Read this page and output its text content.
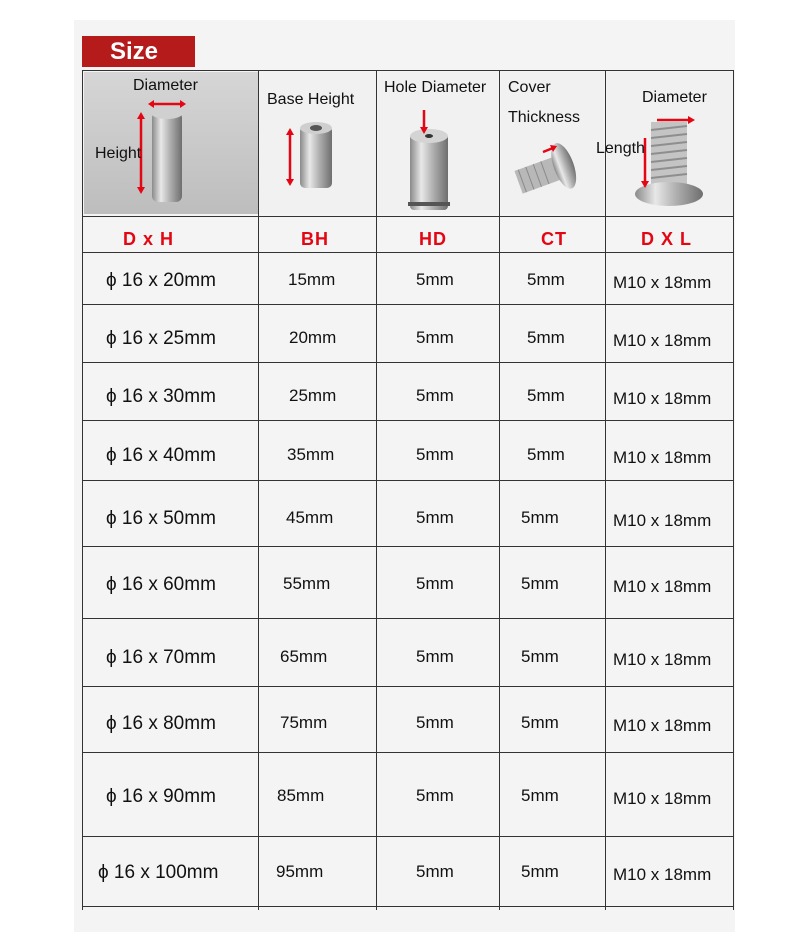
Size
Diameter
Height
Base Height
Hole Diameter Cover
Thickness
Diameter
Length
D x H	BH	HD	CT	D X L
ϕ 16 x 20mm	15mm	5mm	5mm	M10 x 18mm
ϕ 16 x 25mm	20mm	5mm	5mm	M10 x 18mm
ϕ 16 x 30mm	25mm	5mm	5mm	M10 x 18mm
ϕ 16 x 40mm	35mm	5mm	5mm	M10 x 18mm
ϕ 16 x 50mm	45mm	5mm	5mm	M10 x 18mm
ϕ 16 x 60mm	55mm	5mm	5mm	M10 x 18mm
ϕ 16 x 70mm	65mm	5mm	5mm	M10 x 18mm
ϕ 16 x 80mm	75mm	5mm	5mm	M10 x 18mm
ϕ 16 x 90mm	85mm	5mm	5mm	M10 x 18mm
ϕ 16 x 100mm	95mm	5mm	5mm	M10 x 18mm
